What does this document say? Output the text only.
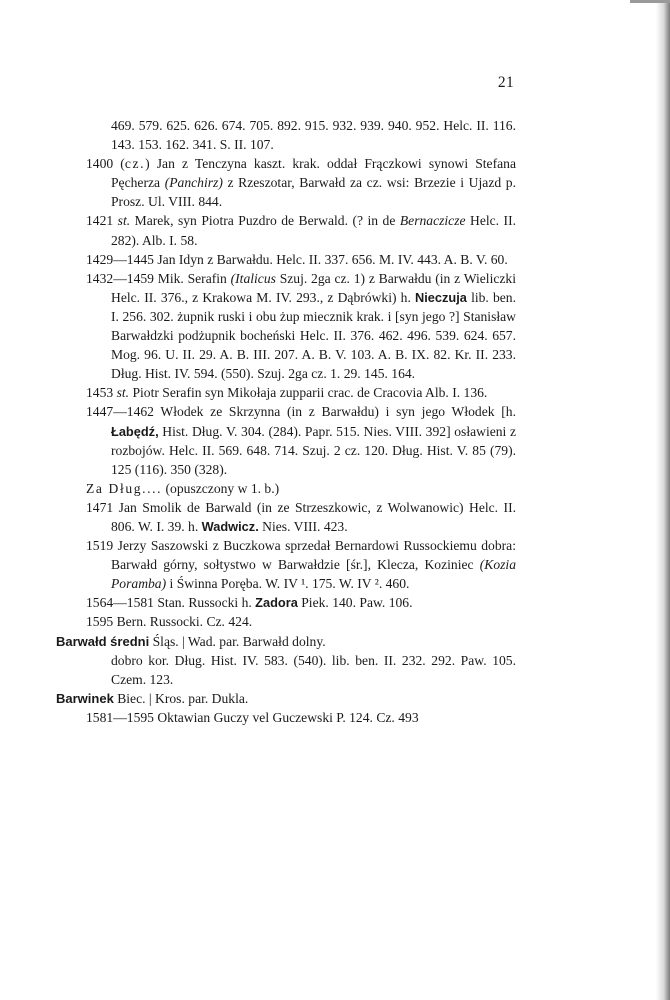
21

469. 579. 625. 626. 674. 705. 892. 915. 932. 939. 940. 952. Helc. II. 116. 143. 153. 162. 341. S. II. 107.

1400 (cz.) Jan z Tenczyna kaszt. krak. oddał Frączkowi synowi Stefana Pęcherza (Panchirz) z Rzeszotar, Barwałd za cz. wsi: Brzezie i Ujazd p. Prosz. Ul. VIII. 844.

1421 st. Marek, syn Piotra Puzdro de Berwald. (? in de Bernaczicze Helc. II. 282). Alb. I. 58.

1429—1445 Jan Idyn z Barwałdu. Helc. II. 337. 656. M. IV. 443. A. B. V. 60.

1432—1459 Mik. Serafin (Italicus Szuj. 2ga cz. 1) z Barwałdu (in z Wieliczki Helc. II. 376., z Krakowa M. IV. 293., z Dąbrówki) h. Nieczuja lib. ben. I. 256. 302. żupnik ruski i obu żup miecznik krak. i [syn jego ?] Stanisław Barwałdzki podżupnik bocheński Helc. II. 376. 462. 496. 539. 624. 657. Mog. 96. U. II. 29. A. B. III. 207. A. B. V. 103. A. B. IX. 82. Kr. II. 233. Dług. Hist. IV. 594. (550). Szuj. 2ga cz. 1. 29. 145. 164.

1453 st. Piotr Serafin syn Mikołaja zupparii crac. de Cracovia Alb. I. 136.

1447—1462 Włodek ze Skrzynna (in z Barwałdu) i syn jego Włodek [h. Łabędź, Hist. Dług. V. 304. (284). Papr. 515. Nies. VIII. 392] osławieni z rozbojów. Helc. II. 569. 648. 714. Szuj. 2 cz. 120. Dług. Hist. V. 85 (79). 125 (116). 350 (328).

Za Dług.... (opuszczony w 1. b.)

1471 Jan Smolik de Barwald (in ze Strzeszkowic, z Wolwanowic) Helc. II. 806. W. I. 39. h. Wadwicz. Nies. VIII. 423.

1519 Jerzy Saszowski z Buczkowa sprzedał Bernardowi Russockiemu dobra: Barwałd górny, sołtystwo w Barwałdzie [śr.], Klecza, Koziniec (Kozia Poramba) i Świnna Poręba. W. IV ¹. 175. W. IV ². 460.

1564—1581 Stan. Russocki h. Zadora Piek. 140. Paw. 106.

1595 Bern. Russocki. Cz. 424.

Barwałd średni Śląs. | Wad. par. Barwałd dolny.

dobro kor. Dług. Hist. IV. 583. (540). lib. ben. II. 232. 292. Paw. 105. Czem. 123.

Barwinek Biec. | Kros. par. Dukla.

1581—1595 Oktawian Guczy vel Guczewski P. 124. Cz. 493
